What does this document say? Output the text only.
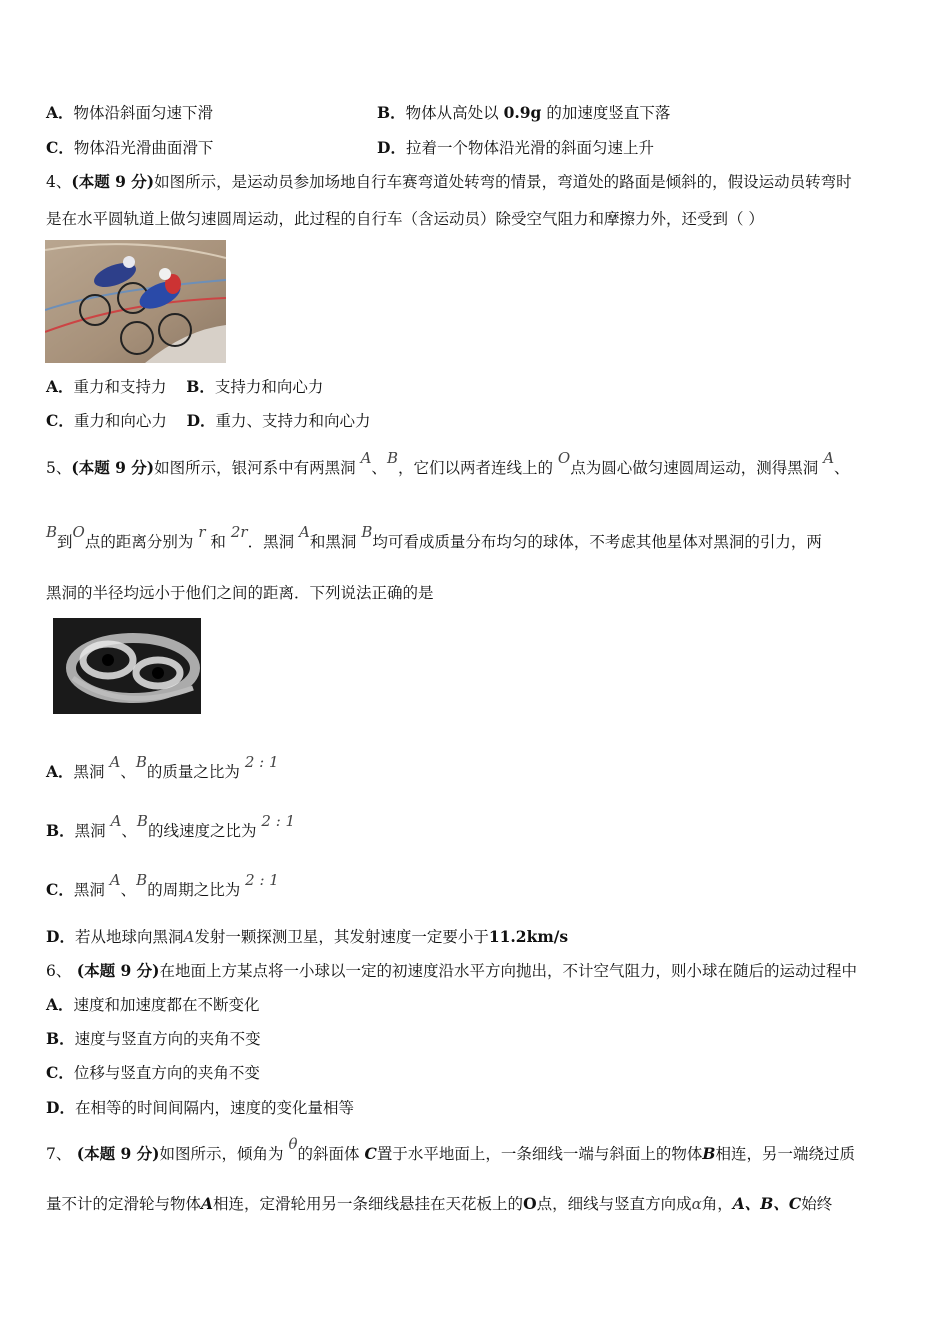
A．物体沿斜面匀速下滑	B．物体从高处以 0.9g 的加速度竖直下落
C．物体沿光滑曲面滑下	D．拉着一个物体沿光滑的斜面匀速上升
4、(本题 9 分)如图所示，是运动员参加场地自行车赛弯道处转弯的情景，弯道处的路面是倾斜的，假设运动员转弯时
是在水平圆轨道上做匀速圆周运动，此过程的自行车（含运动员）除受空气阻力和摩擦力外，还受到（ ）
A．重力和支持力 B．支持力和向心力
C．重力和向心力 D．重力、支持力和向心力
5、(本题 9 分)如图所示，银河系中有两黑洞 A、B，它们以两者连线上的 O点为圆心做匀速圆周运动，测得黑洞 A、
B到O点的距离分别为 r 和 2r．黑洞 A和黑洞 B均可看成质量分布均匀的球体，不考虑其他星体对黑洞的引力，两
黑洞的半径均远小于他们之间的距离．下列说法正确的是
A．黑洞 A、B的质量之比为 2 : 1
B．黑洞 A、B的线速度之比为 2 : 1
C．黑洞 A、B的周期之比为 2 : 1
D．若从地球向黑洞A发射一颗探测卫星，其发射速度一定要小于11.2km/s
6、 (本题 9 分)在地面上方某点将一小球以一定的初速度沿水平方向抛出，不计空气阻力，则小球在随后的运动过程中
A．速度和加速度都在不断变化
B．速度与竖直方向的夹角不变
C．位移与竖直方向的夹角不变
D．在相等的时间间隔内，速度的变化量相等
7、 (本题 9 分)如图所示，倾角为 θ的斜面体 C置于水平地面上，一条细线一端与斜面上的物体B相连，另一端绕过质
量不计的定滑轮与物体A相连，定滑轮用另一条细线悬挂在天花板上的O点，细线与竖直方向成α角，A、B、C始终
